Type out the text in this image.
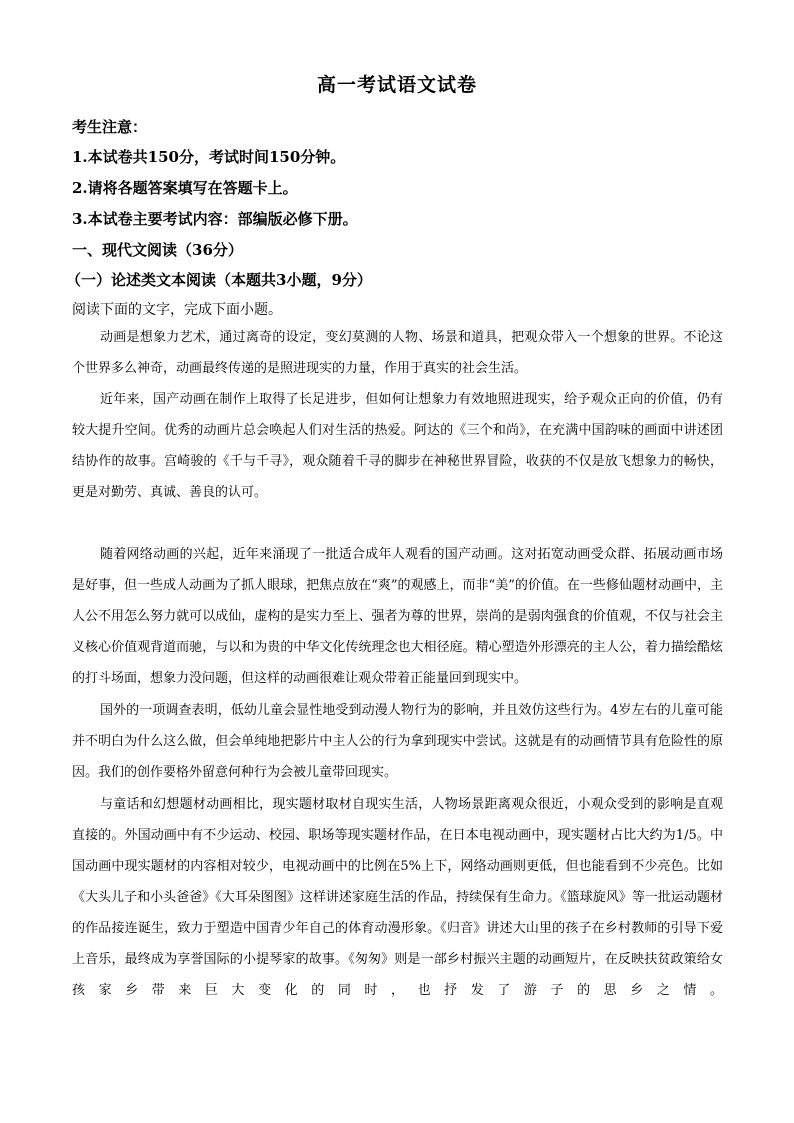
高一考试语文试卷
考生注意：
1.本试卷共150分，考试时间150分钟。
2.请将各题答案填写在答题卡上。
3.本试卷主要考试内容：部编版必修下册。
一、现代文阅读（36分）
（一）论述类文本阅读（本题共3小题，9分）
阅读下面的文字，完成下面小题。

动画是想象力艺术，通过离奇的设定，变幻莫测的人物、场景和道具，把观众带入一个想象的世界。不论这个世界多么神奇，动画最终传递的是照进现实的力量，作用于真实的社会生活。

近年来，国产动画在制作上取得了长足进步，但如何让想象力有效地照进现实，给予观众正向的价值，仍有较大提升空间。优秀的动画片总会唤起人们对生活的热爱。阿达的《三个和尚》，在充满中国韵味的画面中讲述团结协作的故事。宫崎骏的《千与千寻》，观众随着千寻的脚步在神秘世界冒险，收获的不仅是放飞想象力的畅快，更是对勤劳、真诚、善良的认可。

随着网络动画的兴起，近年来涌现了一批适合成年人观看的国产动画。这对拓宽动画受众群、拓展动画市场是好事，但一些成人动画为了抓人眼球，把焦点放在“爽”的观感上，而非“美”的价值。在一些修仙题材动画中，主人公不用怎么努力就可以成仙，虚构的是实力至上、强者为尊的世界，崇尚的是弱肉强食的价值观，不仅与社会主义核心价值观背道而驰，与以和为贵的中华文化传统理念也大相径庭。精心塑造外形漂亮的主人公，着力描绘酷炫的打斗场面，想象力没问题，但这样的动画很难让观众带着正能量回到现实中。

国外的一项调查表明，低幼儿童会显性地受到动漫人物行为的影响，并且效仿这些行为。4岁左右的儿童可能并不明白为什么这么做，但会单纯地把影片中主人公的行为拿到现实中尝试。这就是有的动画情节具有危险性的原因。我们的创作要格外留意何种行为会被儿童带回现实。

与童话和幻想题材动画相比，现实题材取材自现实生活，人物场景距离观众很近，小观众受到的影响是直观直接的。外国动画中有不少运动、校园、职场等现实题材作品，在日本电视动画中，现实题材占比大约为1/5。中国动画中现实题材的内容相对较少，电视动画中的比例在5%上下，网络动画则更低，但也能看到不少亮色。比如《大头儿子和小头爸爸》《大耳朵图图》这样讲述家庭生活的作品，持续保有生命力。《篮球旋风》等一批运动题材的作品接连诞生，致力于塑造中国青少年自己的体育动漫形象。《归音》讲述大山里的孩子在乡村教师的引导下爱上音乐，最终成为享誉国际的小提琴家的故事。《匆匆》则是一部乡村振兴主题的动画短片，在反映扶贫政策给女孩家乡带来巨大变化的同时，也抒发了游子的思乡之情。
